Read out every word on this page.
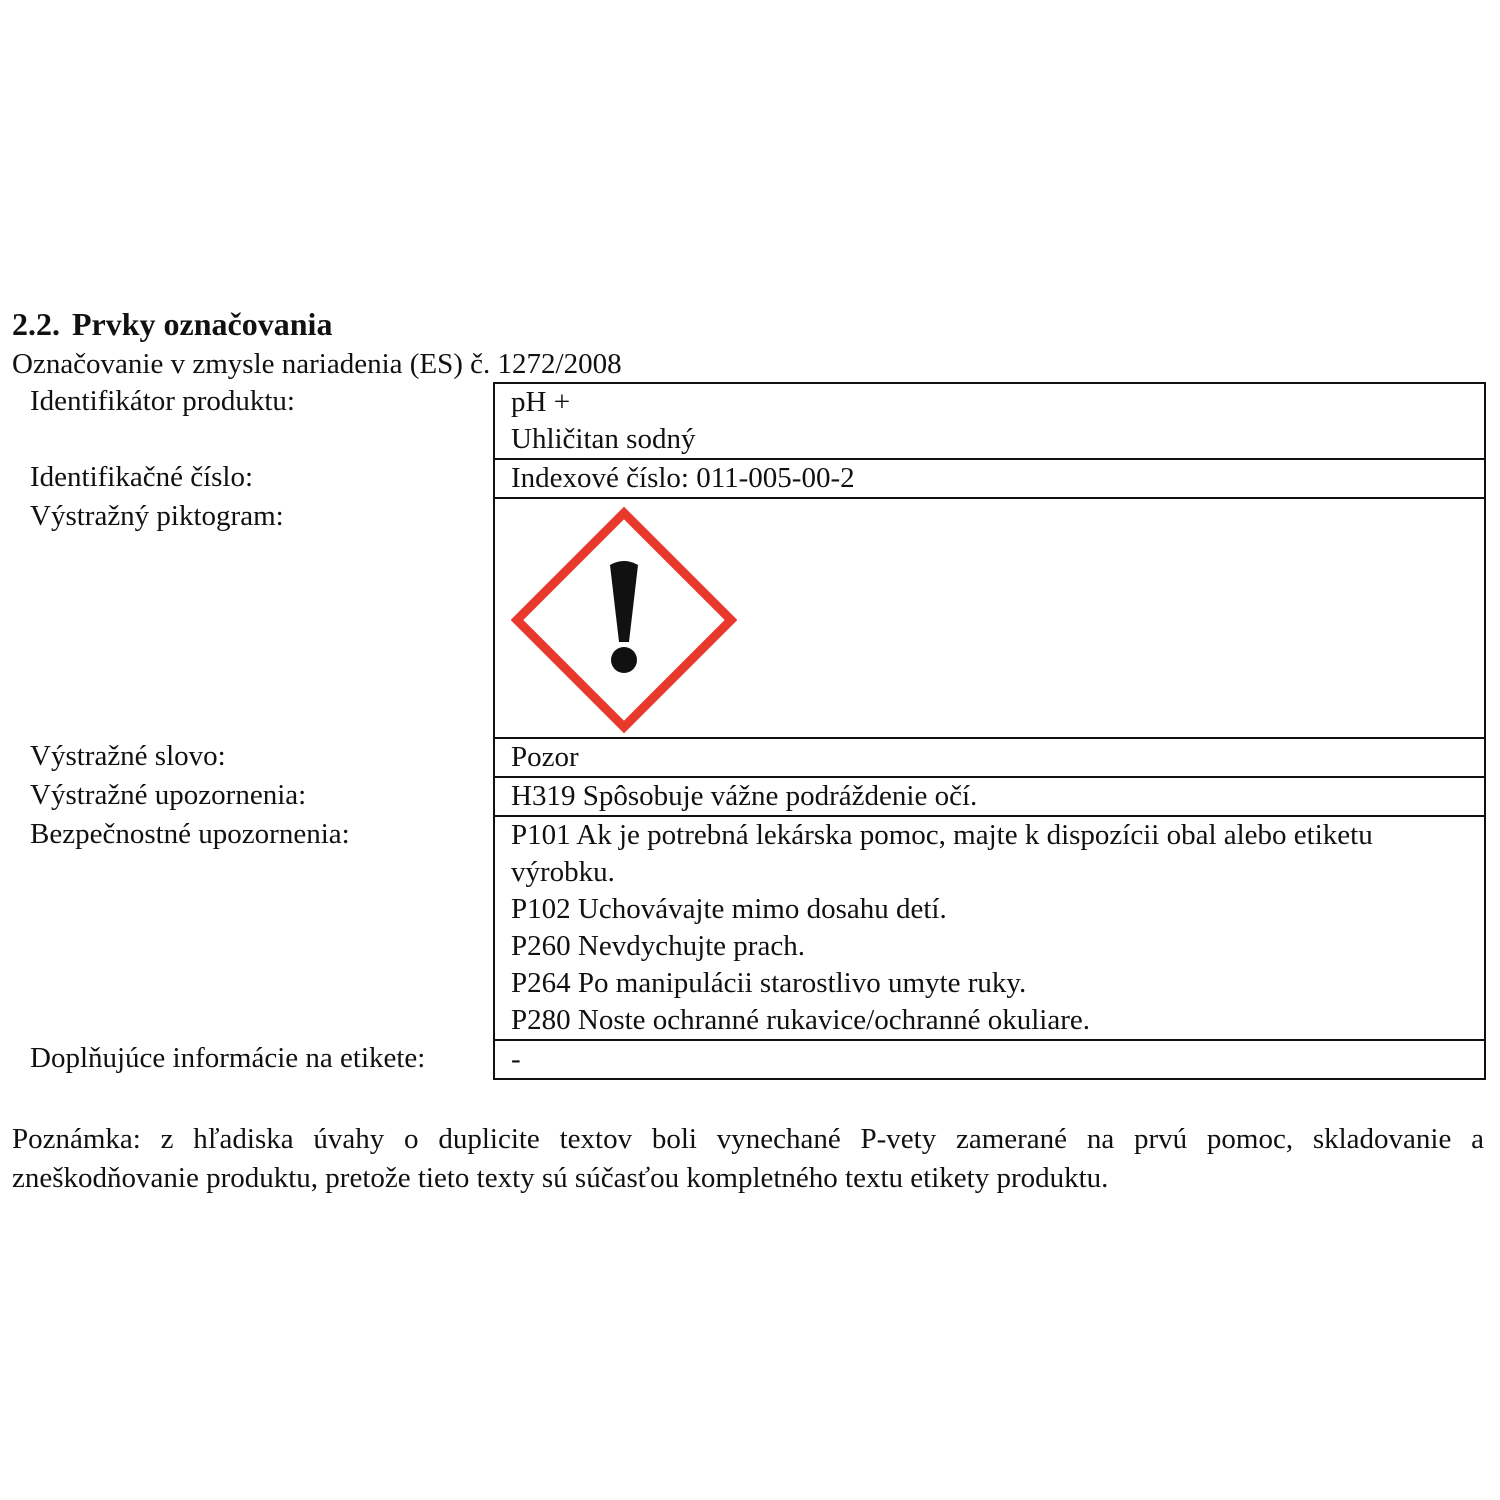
2.2. Prvky označovania
Označovanie v zmysle nariadenia (ES) č. 1272/2008
Identifikátor produktu:	pH +
Uhličitan sodný

Identifikačné číslo:	Indexové číslo: 011-005-00-2

Výstražný piktogram:

Výstražné slovo:	Pozor

Výstražné upozornenia:	H319 Spôsobuje vážne podráždenie očí.

Bezpečnostné upozornenia:	P101 Ak je potrebná lekárska pomoc, majte k dispozícii obal alebo etiketu výrobku.
P102 Uchovávajte mimo dosahu detí.
P260 Nevdychujte prach.
P264 Po manipulácii starostlivo umyte ruky.
P280 Noste ochranné rukavice/ochranné okuliare.

Doplňujúce informácie na etikete:	-
Poznámka: z hľadiska úvahy o duplicite textov boli vynechané P-vety zamerané na prvú pomoc, skladovanie a zneškodňovanie produktu, pretože tieto texty sú súčasťou kompletného textu etikety produktu.
